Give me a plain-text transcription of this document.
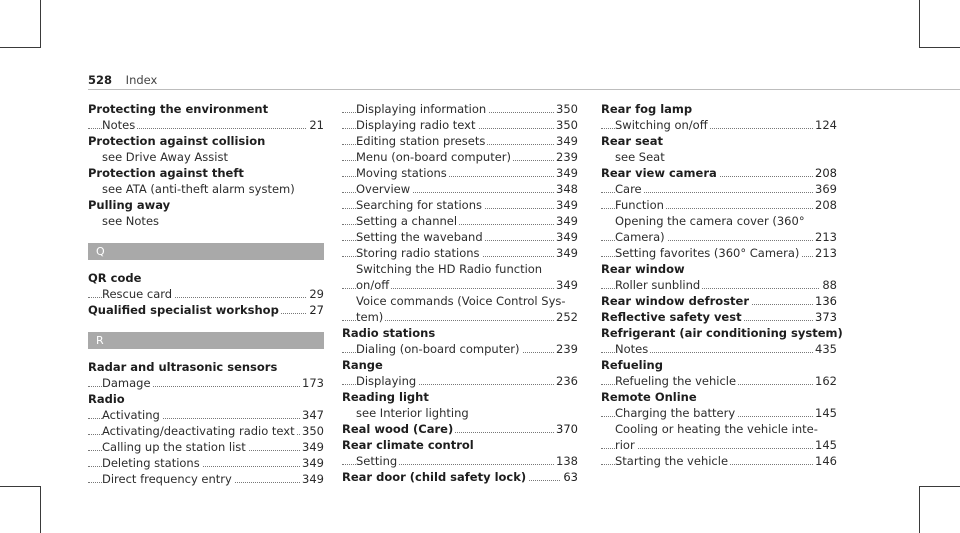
528 Index
Protecting the environment
Notes	21
Protection against collision
see Drive Away Assist
Protection against theft
see ATA (anti-theft alarm system)
Pulling away
see Notes
Q
QR code
Rescue card	29
Qualified specialist workshop	27
R
Radar and ultrasonic sensors
Damage	173
Radio
Activating	347
Activating/deactivating radio text 350
Calling up the station list	349
Deleting stations	349
Direct frequency entry	349
Displaying information	350
Displaying radio text	350
Editing station presets	349
Menu (on-board computer)	239
Moving stations	349
Overview	348
Searching for stations	349
Setting a channel	349
Setting the waveband	349
Storing radio stations	349
Switching the HD Radio function
on/off	349
Voice commands (Voice Control Sys-
tem)	252
Radio stations
Dialing (on-board computer)	239
Range
Displaying	236
Reading light
see Interior lighting
Real wood (Care)	370
Rear climate control
Setting	138
Rear door (child safety lock)	63
Rear fog lamp
Switching on/off	124
Rear seat
see Seat
Rear view camera	208
Care	369
Function	208
Opening the camera cover (360°
Camera)	213
Setting favorites (360° Camera) 213
Rear window
Roller sunblind	88
Rear window defroster	136
Reflective safety vest	373
Refrigerant (air conditioning system)
Notes	435
Refueling
Refueling the vehicle	162
Remote Online
Charging the battery	145
Cooling or heating the vehicle inte-
rior	145
Starting the vehicle	146
